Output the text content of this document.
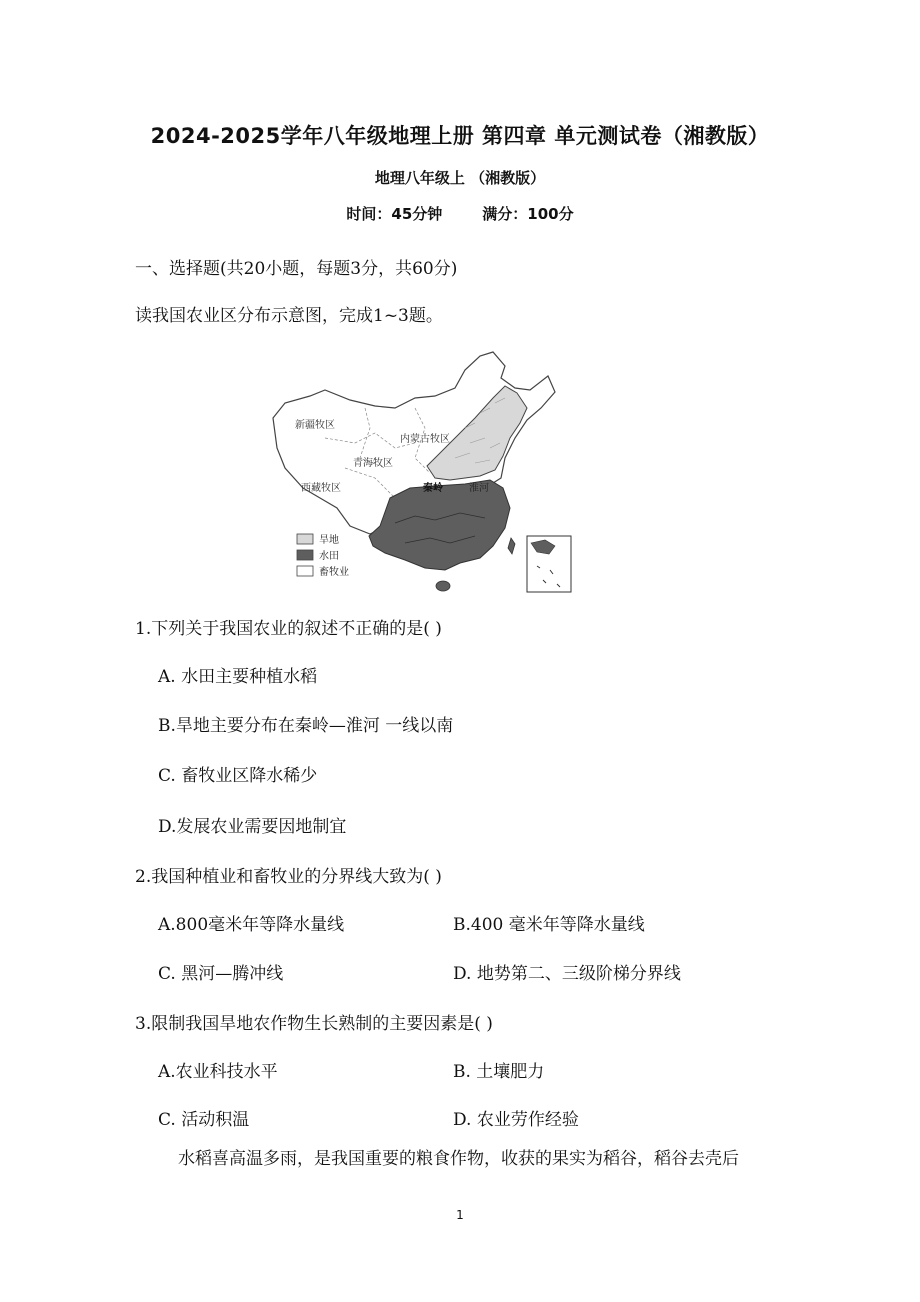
2024-2025学年八年级地理上册 第四章 单元测试卷（湘教版）
地理八年级上 （湘教版）
时间：45分钟	满分：100分
一、选择题(共20小题，每题3分，共60分)
读我国农业区分布示意图，完成1~3题。
新疆牧区
内蒙古牧区
青海牧区
西藏牧区	秦岭	淮河
旱地
水田
畜牧业
1.下列关于我国农业的叙述不正确的是( )
A. 水田主要种植水稻
B.旱地主要分布在秦岭—淮河 一线以南
C. 畜牧业区降水稀少
D.发展农业需要因地制宜
2.我国种植业和畜牧业的分界线大致为( )
A.800毫米年等降水量线	B.400 毫米年等降水量线
C. 黑河—腾冲线	D. 地势第二、三级阶梯分界线
3.限制我国旱地农作物生长熟制的主要因素是( )
A.农业科技水平	B. 土壤肥力
C. 活动积温	D. 农业劳作经验
水稻喜高温多雨，是我国重要的粮食作物，收获的果实为稻谷，稻谷去壳后
1
